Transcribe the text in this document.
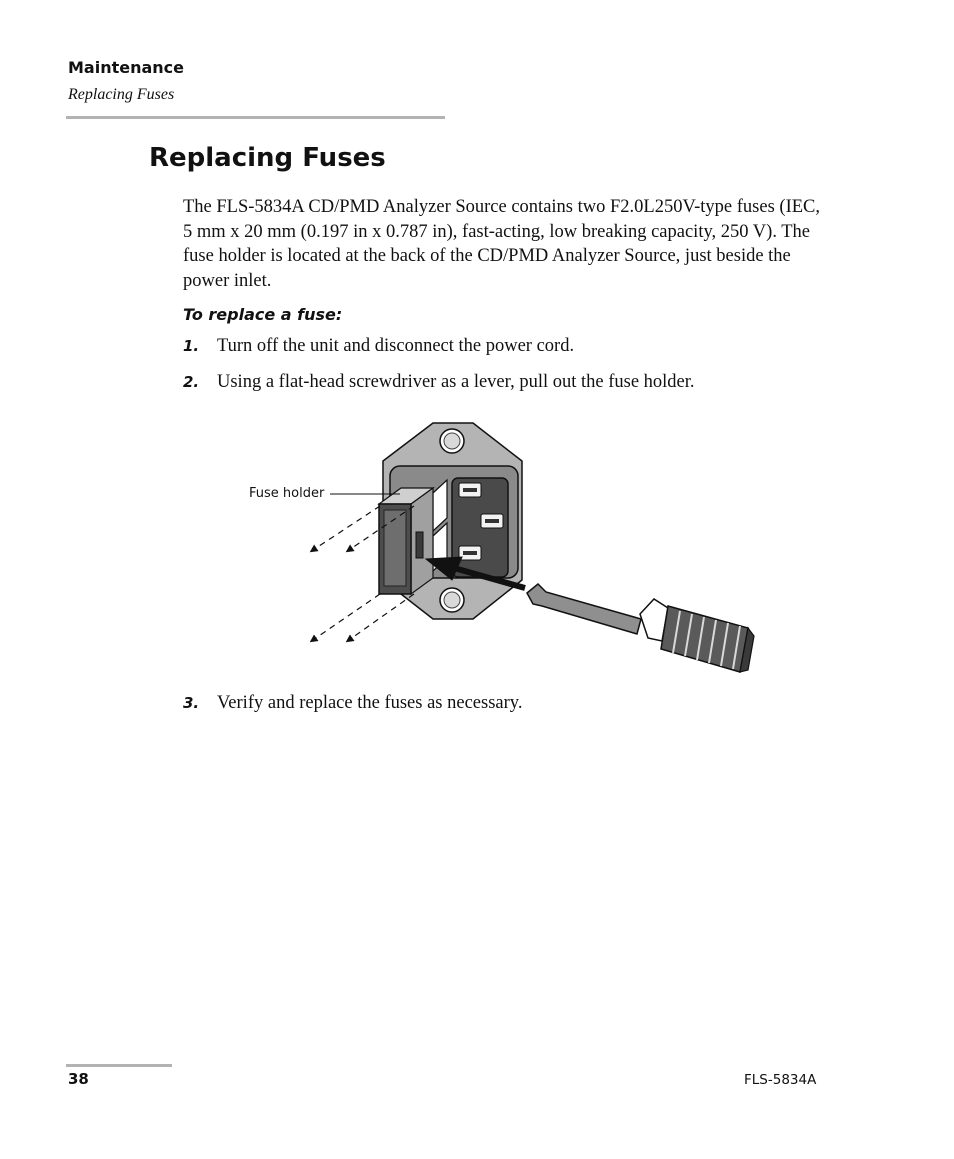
Maintenance
Replacing Fuses
Replacing Fuses

The FLS-5834A CD/PMD Analyzer Source contains two F2.0L250V-type fuses (IEC, 5 mm x 20 mm (0.197 in x 0.787 in), fast-acting, low breaking capacity, 250 V). The fuse holder is located at the back of the CD/PMD Analyzer Source, just beside the power inlet.

To replace a fuse:
1. Turn off the unit and disconnect the power cord.
2. Using a flat-head screwdriver as a lever, pull out the fuse holder.
Fuse holder
3. Verify and replace the fuses as necessary.
38	FLS-5834A
